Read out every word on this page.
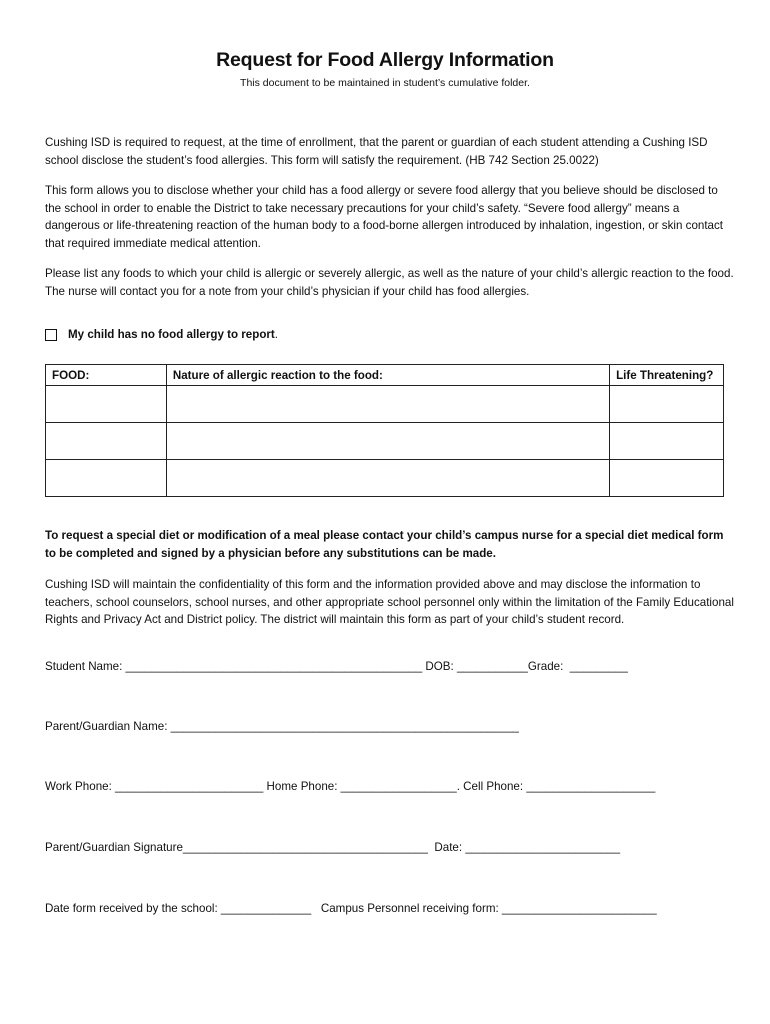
Request for Food Allergy Information
This document to be maintained in student’s cumulative folder.

Cushing ISD is required to request, at the time of enrollment, that the parent or guardian of each student attending a Cushing ISD school disclose the student’s food allergies. This form will satisfy the requirement. (HB 742 Section 25.0022)

This form allows you to disclose whether your child has a food allergy or severe food allergy that you believe should be disclosed to the school in order to enable the District to take necessary precautions for your child’s safety. “Severe food allergy” means a dangerous or life-threatening reaction of the human body to a food-borne allergen introduced by inhalation, ingestion, or skin contact that required immediate medical attention.

Please list any foods to which your child is allergic or severely allergic, as well as the nature of your child’s allergic reaction to the food. The nurse will contact you for a note from your child’s physician if your child has food allergies.

My child has no food allergy to report .
FOOD:	Nature of allergic reaction to the food:	Life Threatening?

To request a special diet or modification of a meal please contact your child’s campus nurse for a special diet medical form to be completed and signed by a physician before any substitutions can be made.

Cushing ISD will maintain the confidentiality of this form and the information provided above and may disclose the information to teachers, school counselors, school nurses, and other appropriate school personnel only within the limitation of the Family Educational Rights and Privacy Act and District policy. The district will maintain this form as part of your child’s student record.

Student Name: ______________________________________________ DOB: ___________Grade:  _________
Parent/Guardian Name: ______________________________________________________
Work Phone: _______________________ Home Phone: __________________. Cell Phone: ____________________
Parent/Guardian Signature______________________________________  Date: ________________________
Date form received by the school: ______________   Campus Personnel receiving form: ________________________
